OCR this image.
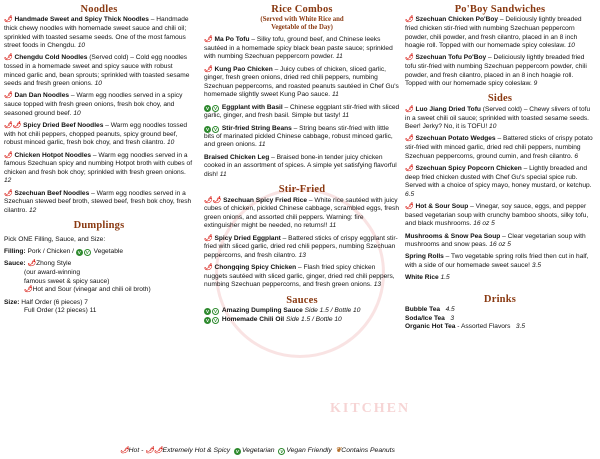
KITCHEN
Noodles
🌶 Handmade Sweet and Spicy Thick Noodles – Handmade thick chewy noodles with homemade sweet sauce and chili oil; sprinkled with toasted sesame seeds. One of the most famous street foods in Chengdu. 10
🌶 Chengdu Cold Noodles (Served cold) – Cold egg noodles tossed in a homemade sweet and spicy sauce with robust minced garlic and, bean sprouts; sprinkled with toasted sesame seeds and fresh green onions. 10
🌶 Dan Dan Noodles – Warm egg noodles served in a spicy sauce topped with fresh green onions, fresh bok choy, and seasoned ground beef. 10
🌶🌶 Spicy Dried Beef Noodles – Warm egg noodles tossed with hot chili peppers, chopped peanuts, spicy ground beef, robust minced garlic, fresh bok choy, and fresh cilantro. 10
🌶 Chicken Hotpot Noodles – Warm egg noodles served in a famous Szechuan spicy and numbing Hotpot broth with cubes of chicken and fresh bok choy; sprinkled with fresh green onions. 12
🌶 Szechuan Beef Noodles – Warm egg noodles served in a Szechuan stewed beef broth, stewed beef, fresh bok choy, fresh cilantro. 12
Dumplings
Pick ONE Filling, Sauce, and Size:
Filling: Pork / Chicken / V V Vegetable
Sauce: 🌶Zhong Style
(our award-winning
famous sweet & spicy sauce)
🌶Hot and Sour (vinegar and chili oil broth)
Size: Half Order (6 pieces) 7
Full Order (12 pieces) 11
Rice Combos
(Served with White Rice and
Vegetable of the Day)
🌶 Ma Po Tofu – Silky tofu, ground beef, and Chinese leeks sautéed in a homemade spicy black bean paste sauce; sprinkled with numbing Szechuan peppercorn powder. 11
🌶 Kung Pao Chicken – Juicy cubes of chicken, sliced garlic, ginger, fresh green onions, dried red chili peppers, numbing Szechuan peppercorns, and roasted peanuts sautéed in Chef Gu's homemade slightly sweet Kung Pao sauce. 11
V V Eggplant with Basil – Chinese eggplant stir-fried with sliced garlic, ginger, and fresh basil. Simple but tasty! 11
V V Stir-fried String Beans – String beans stir-fried with little bits of marinated pickled Chinese cabbage, robust minced garlic, and green onions. 11
Braised Chicken Leg – Braised bone-in tender juicy chicken cooked in an assortment of spices. A simple yet satisfying flavorful dish! 11
Stir-Fried
🌶🌶 Szechuan Spicy Fried Rice – White rice sautéed with juicy cubes of chicken, pickled Chinese cabbage, scrambled eggs, fresh green onions, and assorted chili peppers. Warning: fire extinguisher might be needed, no returns!! 11
🌶 Spicy Dried Eggplant – Battered sticks of crispy eggplant stir-fried with sliced garlic, dried red chili peppers, numbing Szechuan peppercorns, and fresh cilantro. 13
🌶 Chongqing Spicy Chicken – Flash fried spicy chicken nuggets sautéed with sliced garlic, ginger, dried red chili peppers, numbing Szechuan peppercorns, and fresh green onions. 13
Sauces
V V Amazing Dumpling Sauce Side 1.5 / Bottle 10
V V Homemade Chili Oil Side 1.5 / Bottle 10
Po'Boy Sandwiches
🌶 Szechuan Chicken Po'Boy – Deliciously lightly breaded fried chicken stir-fried with numbing Szechuan peppercorn powder, chili powder, and fresh cilantro, placed in an 8 inch hoagie roll. Topped with our homemade spicy coleslaw. 10
🌶 Szechuan Tofu Po'Boy – Deliciously lightly breaded fried tofu stir-fried with numbing Szechuan peppercorn powder, chili powder, and fresh cilantro, placed in an 8 inch hoagie roll. Topped with our homemade spicy coleslaw. 9
Sides
🌶 Luo Jiang Dried Tofu (Served cold) – Chewy slivers of tofu in a sweet chili oil sauce; sprinkled with toasted sesame seeds. Beer! Jerky? No, it is TOFU! 10
🌶 Szechuan Potato Wedges – Battered sticks of crispy potato stir-fried with minced garlic, dried red chili peppers, numbing Szechuan peppercorns, ground cumin, and fresh cilantro. 6
🌶 Szechuan Spicy Popcorn Chicken – Lightly breaded and deep fried chicken dusted with Chef Gu's special spice rub. Served with a choice of spicy mayo, honey mustard, or ketchup. 6.5
🌶 Hot & Sour Soup – Vinegar, soy sauce, eggs, and pepper based vegetarian soup with crunchy bamboo shoots, silky tofu, and black mushrooms. 16 oz 5
Mushrooms & Snow Pea Soup – Clear vegetarian soup with mushrooms and snow peas. 16 oz 5
Spring Rolls – Two vegetable spring rolls fried then cut in half, with a side of our homemade sweet sauce! 3.5
White Rice 1.5
Drinks
Bubble Tea 4.5
Soda/Ice Tea 3
Organic Hot Tea - Assorted Flavors 3.5
🌶Hot - 🌶🌶Extremely Hot & Spicy V Vegetarian V Vegan Friendly ❦Contains Peanuts
